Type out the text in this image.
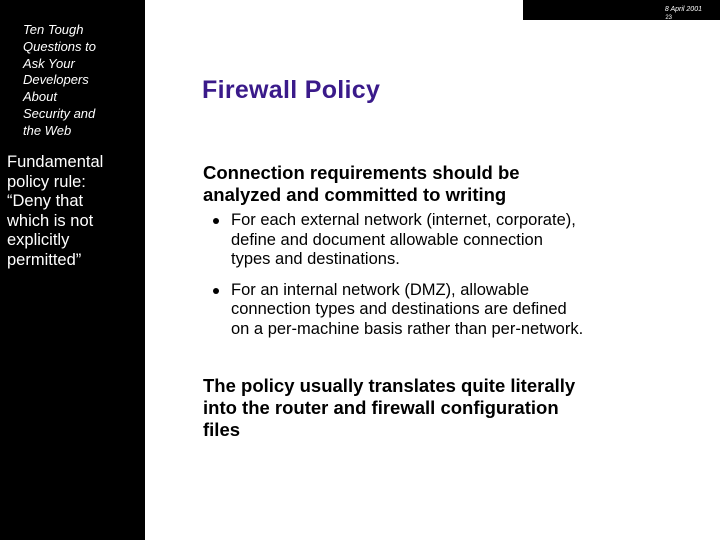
Ten Tough
Questions to
Ask Your
Developers
About
Security and
the Web
Fundamental
policy rule:
“Deny that
which is not
explicitly
permitted”
Firewall Policy
Connection requirements should be
analyzed and committed to writing
For each external network (internet, corporate),
define and document allowable connection
types and destinations.
For an internal network (DMZ), allowable
connection types and destinations are defined
on a per-machine basis rather than per-network.
The policy usually translates quite literally
into the router and firewall configuration
files
8 April 2001
23
